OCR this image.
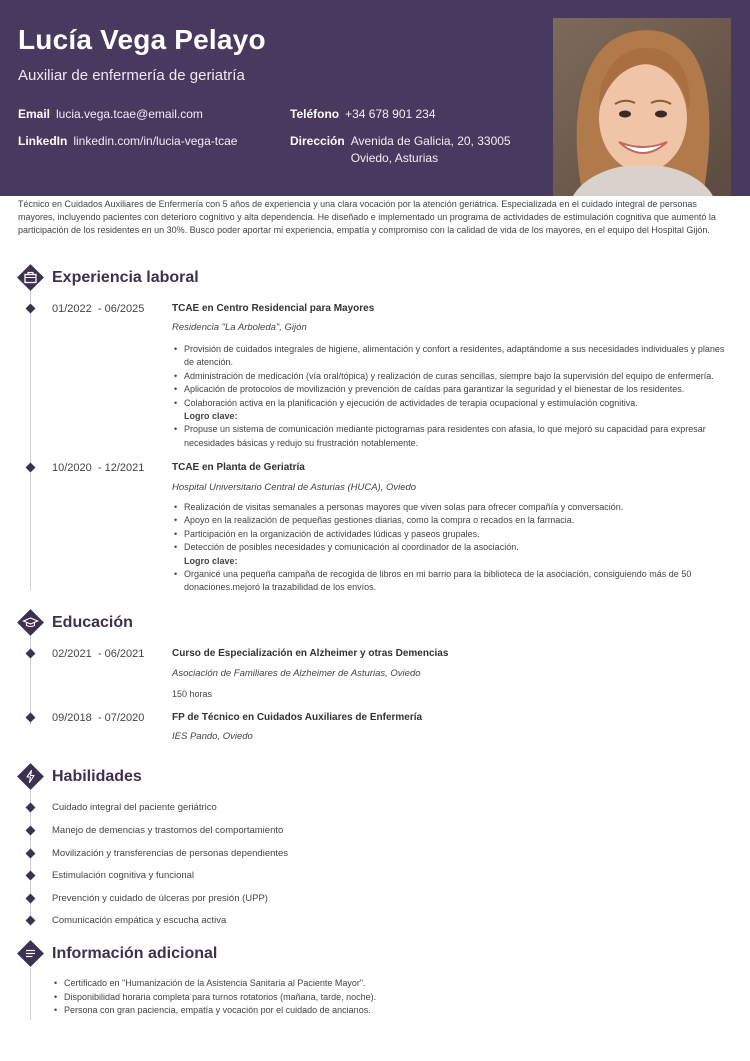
Lucía Vega Pelayo
Auxiliar de enfermería de geriatría
Email lucia.vega.tcae@email.com
LinkedIn linkedin.com/in/lucia-vega-tcae
Teléfono +34 678 901 234
Dirección Avenida de Galicia, 20, 33005 Oviedo, Asturias
Técnico en Cuidados Auxiliares de Enfermería con 5 años de experiencia y una clara vocación por la atención geriátrica. Especializada en el cuidado integral de personas mayores, incluyendo pacientes con deterioro cognitivo y alta dependencia. He diseñado e implementado un programa de actividades de estimulación cognitiva que aumentó la participación de los residentes en un 30%. Busco poder aportar mi experiencia, empatía y compromiso con la calidad de vida de los mayores, en el equipo del Hospital Gijón.
Experiencia laboral
01/2022  - 06/2025	TCAE en Centro Residencial para Mayores
Residencia "La Arboleda", Gijón
• Provisión de cuidados integrales de higiene, alimentación y confort a residentes, adaptándome a sus necesidades individuales y planes de atención.
• Administración de medicación (vía oral/tópica) y realización de curas sencillas, siempre bajo la supervisión del equipo de enfermería.
• Aplicación de protocolos de movilización y prevención de caídas para garantizar la seguridad y el bienestar de los residentes.
• Colaboración activa en la planificación y ejecución de actividades de terapia ocupacional y estimulación cognitiva.
Logro clave:
• Propuse un sistema de comunicación mediante pictogramas para residentes con afasia, lo que mejoró su capacidad para expresar necesidades básicas y redujo su frustración notablemente.
10/2020  - 12/2021	TCAE en Planta de Geriatría
Hospital Universitario Central de Asturias (HUCA), Oviedo
• Realización de visitas semanales a personas mayores que viven solas para ofrecer compañía y conversación.
• Apoyo en la realización de pequeñas gestiones diarias, como la compra o recados en la farmacia.
• Participación en la organización de actividades lúdicas y paseos grupales.
• Detección de posibles necesidades y comunicación al coordinador de la asociación.
Logro clave:
• Organicé una pequeña campaña de recogida de libros en mi barrio para la biblioteca de la asociación, consiguiendo más de 50 donaciones.mejoró la trazabilidad de los envíos.
Educación
02/2021  - 06/2021	Curso de Especialización en Alzheimer y otras Demencias
Asociación de Familiares de Alzheimer de Asturias, Oviedo
150 horas
09/2018  - 07/2020	FP de Técnico en Cuidados Auxiliares de Enfermería
IES Pando, Oviedo
Habilidades
Cuidado integral del paciente geriátrico
Manejo de demencias y trastornos del comportamiento
Movilización y transferencias de personas dependientes
Estimulación cognitiva y funcional
Prevención y cuidado de úlceras por presión (UPP)
Comunicación empática y escucha activa
Información adicional
• Certificado en "Humanización de la Asistencia Sanitaria al Paciente Mayor".
• Disponibilidad horaria completa para turnos rotatorios (mañana, tarde, noche).
• Persona con gran paciencia, empatía y vocación por el cuidado de ancianos.
